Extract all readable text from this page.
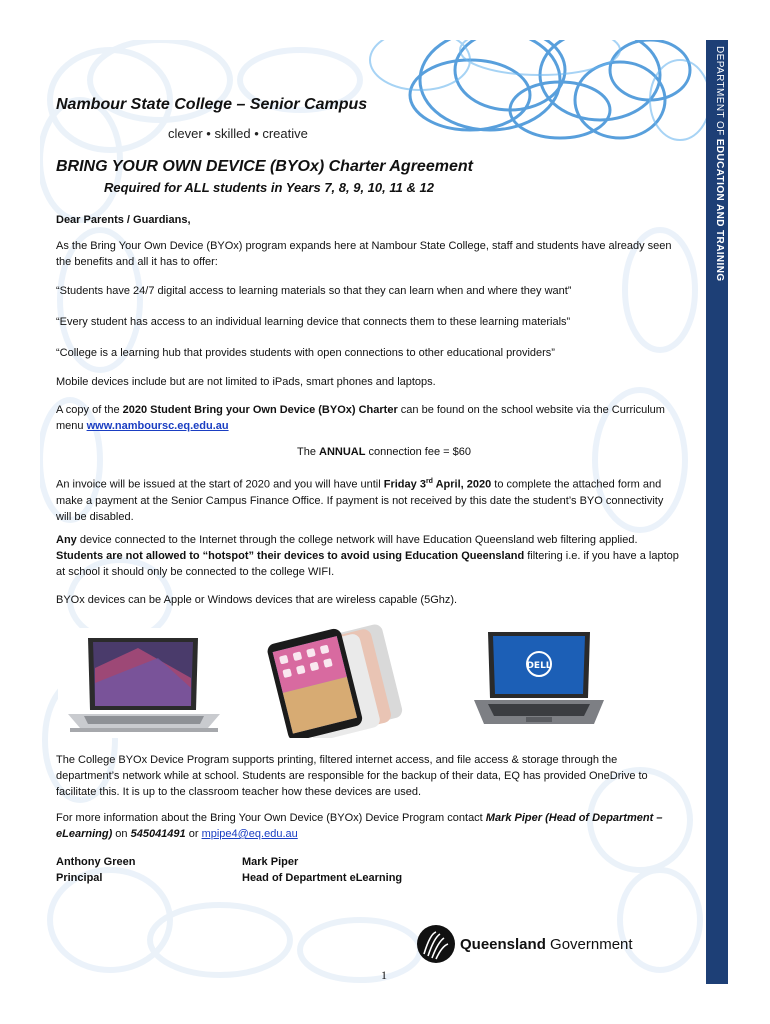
DEPARTMENT OF EDUCATION AND TRAINING
Nambour State College – Senior Campus
clever • skilled • creative
BRING YOUR OWN DEVICE (BYOx) Charter Agreement
Required for ALL students in Years 7, 8, 9, 10, 11 & 12
Dear Parents / Guardians,
As the Bring Your Own Device (BYOx) program expands here at Nambour State College, staff and students have already seen the benefits and all it has to offer:
“Students have 24/7 digital access to learning materials so that they can learn when and where they want”
“Every student has access to an individual learning device that connects them to these learning materials”
“College is a learning hub that provides students with open connections to other educational providers”
Mobile devices include but are not limited to iPads, smart phones and laptops.
A copy of the 2020 Student Bring your Own Device (BYOx) Charter can be found on the school website via the Curriculum menu www.namboursc.eq.edu.au
The ANNUAL connection fee = $60
An invoice will be issued at the start of 2020 and you will have until Friday 3rd April, 2020 to complete the attached form and make a payment at the Senior Campus Finance Office. If payment is not received by this date the student’s BYO connectivity will be disabled.
Any device connected to the Internet through the college network will have Education Queensland web filtering applied. Students are not allowed to “hotspot” their devices to avoid using Education Queensland filtering i.e. if you have a laptop at school it should only be connected to the college WIFI.
BYOx devices can be Apple or Windows devices that are wireless capable (5Ghz).
DELL
The College BYOx Device Program supports printing, filtered internet access, and file access & storage through the department’s network while at school. Students are responsible for the backup of their data, EQ has provided OneDrive to facilitate this. It is up to the classroom teacher how these devices are used.
For more information about the Bring Your Own Device (BYOx) Device Program contact Mark Piper (Head of Department – eLearning) on 545041491 or mpipe4@eq.edu.au
Anthony Green
Principal
Mark Piper
Head of Department eLearning
Queensland Government
1
